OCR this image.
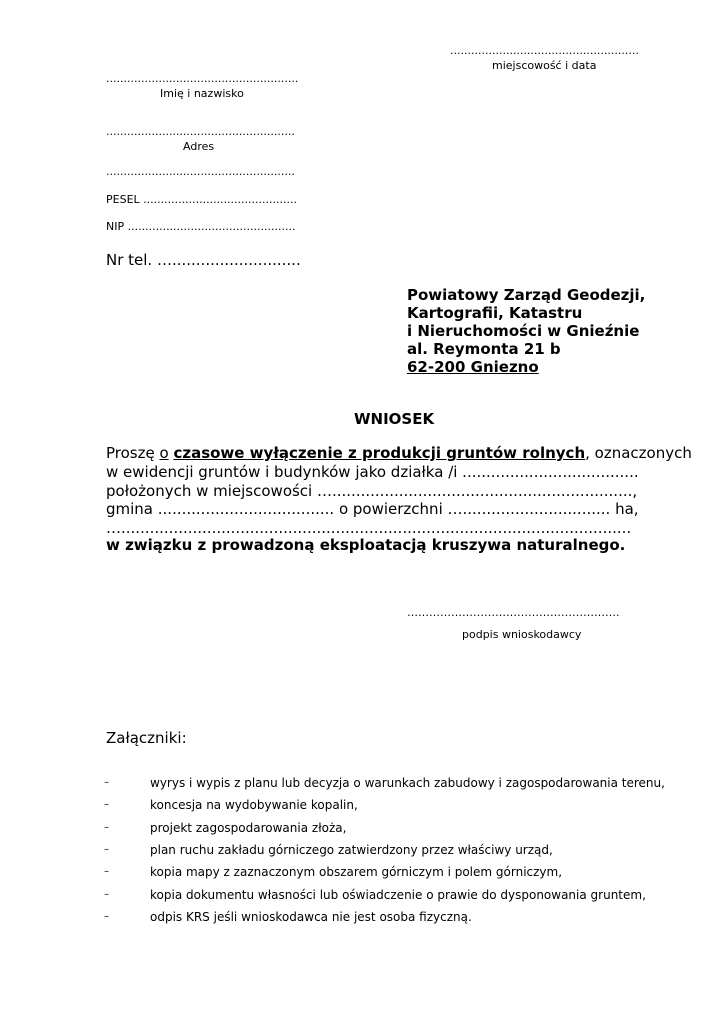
......................................................
miejscowość i data
.......................................................
Imię i nazwisko
......................................................
Adres
......................................................
PESEL ............................................
NIP ................................................
Nr tel. …...........................
Powiatowy Zarząd Geodezji,
Kartografii, Katastru
i Nieruchomości w Gnieźnie
al. Reymonta 21 b
62-200 Gniezno
WNIOSEK
Proszę o czasowe wyłączenie z produkcji gruntów rolnych, oznaczonych
w ewidencji gruntów i budynków jako działka /i .....................................
położonych w miejscowości …...............................................................,
gmina ..................................... o powierzchni …............................... ha,
…...........................................................................................................
w związku z prowadzoną eksploatacją kruszywa naturalnego.
………………………………………………….
podpis wnioskodawcy
Załączniki:
–	wyrys i wypis z planu lub decyzja o warunkach zabudowy i zagospodarowania terenu,
–	koncesja na wydobywanie kopalin,
–	projekt zagospodarowania złoża,
–	plan ruchu zakładu górniczego zatwierdzony przez właściwy urząd,
–	kopia mapy z zaznaczonym obszarem górniczym i polem górniczym,
–	kopia dokumentu własności lub oświadczenie o prawie do dysponowania gruntem,
–	odpis KRS jeśli wnioskodawca nie jest osoba fizyczną.
